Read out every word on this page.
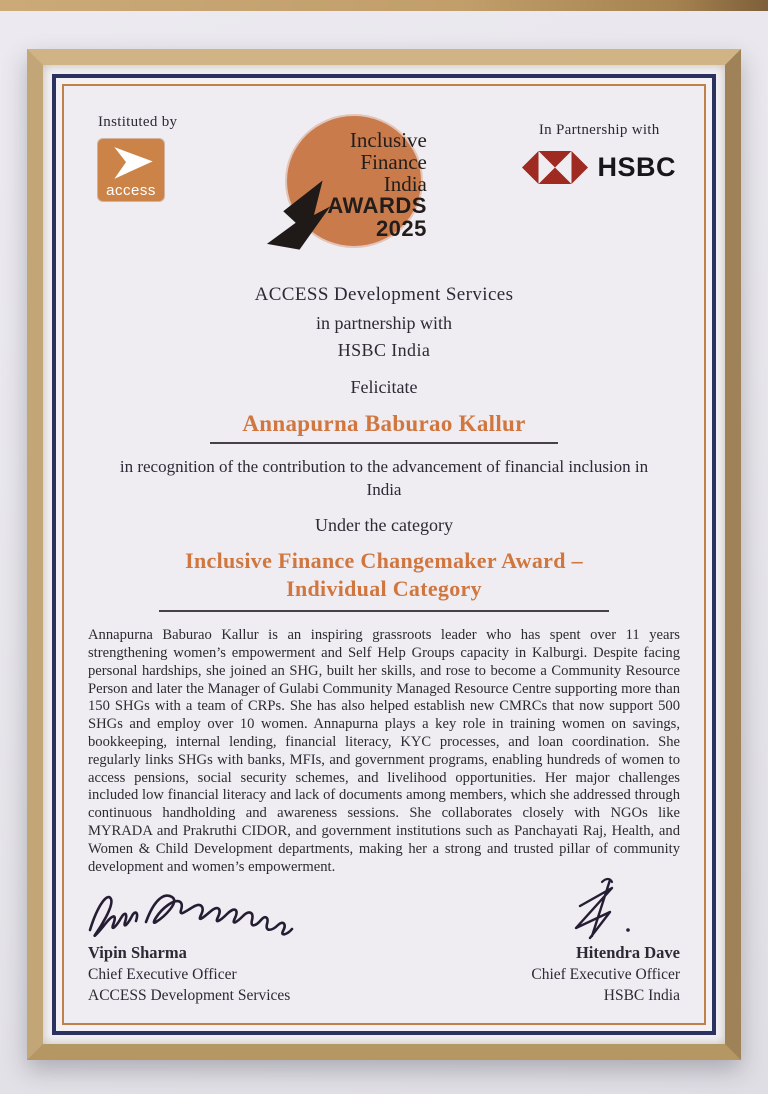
Instituted by
access
Inclusive
Finance
India
AWARDS
2025
In Partnership with
HSBC
ACCESS Development Services
in partnership with
HSBC India
Felicitate
Annapurna Baburao Kallur
in recognition of the contribution to the advancement of financial inclusion in India
Under the category
Inclusive Finance Changemaker Award –
Individual Category
Annapurna Baburao Kallur is an inspiring grassroots leader who has spent over 11 years strengthening women’s empowerment and Self Help Groups capacity in Kalburgi. Despite facing personal hardships, she joined an SHG, built her skills, and rose to become a Community Resource Person and later the Manager of Gulabi Community Managed Resource Centre supporting more than 150 SHGs with a team of CRPs. She has also helped establish new CMRCs that now support 500 SHGs and employ over 10 women. Annapurna plays a key role in training women on savings, bookkeeping, internal lending, financial literacy, KYC processes, and loan coordination. She regularly links SHGs with banks, MFIs, and government programs, enabling hundreds of women to access pensions, social security schemes, and livelihood opportunities. Her major challenges included low financial literacy and lack of documents among members, which she addressed through continuous handholding and awareness sessions. She collaborates closely with NGOs like MYRADA and Prakruthi CIDOR, and government institutions such as Panchayati Raj, Health, and Women & Child Development departments, making her a strong and trusted pillar of community development and women’s empowerment.
Vipin Sharma
Chief Executive Officer
ACCESS Development Services
Hitendra Dave
Chief Executive Officer
HSBC India
